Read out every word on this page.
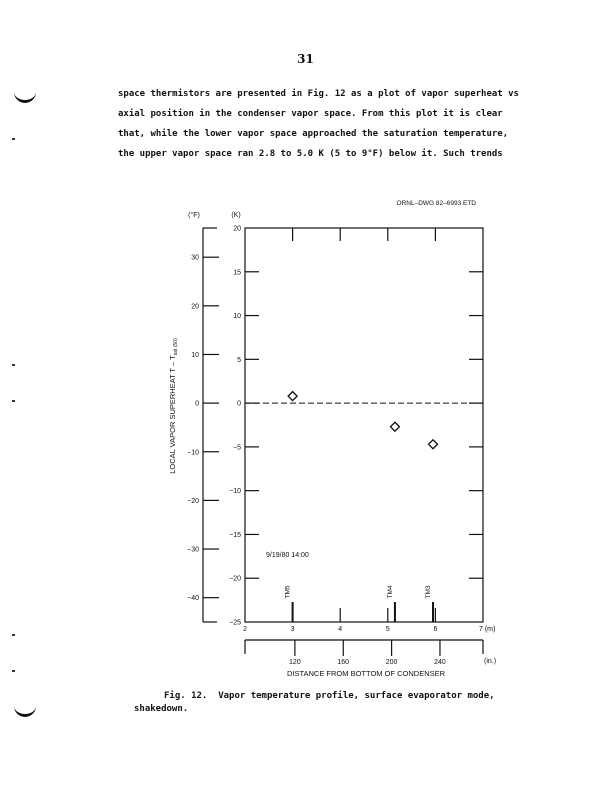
31
space thermistors are presented in Fig. 12 as a plot of vapor superheat vs
axial position in the condenser vapor space. From this plot it is clear
that, while the lower vapor space approached the saturation temperature,
the upper vapor space ran 2.8 to 5.0 K (5 to 9°F) below it. Such trends
ORNL–DWG 82–6993 ETD
(°F)	(K)
LOCAL VAPOR SUPERHEAT T – $T_{sat (50)}$
30
20
10
0
−10
−20
−30
−40
20
15
10
5
0
−5
−10
−15
−20
−25
2	3	4	5	6
120	160	200	240
TM5	TM4	TM3
9/19/80 14:00
7 (m)
(in.)
DISTANCE FROM BOTTOM OF CONDENSER
Fig. 12. Vapor temperature profile, surface evaporator mode,
shakedown.
